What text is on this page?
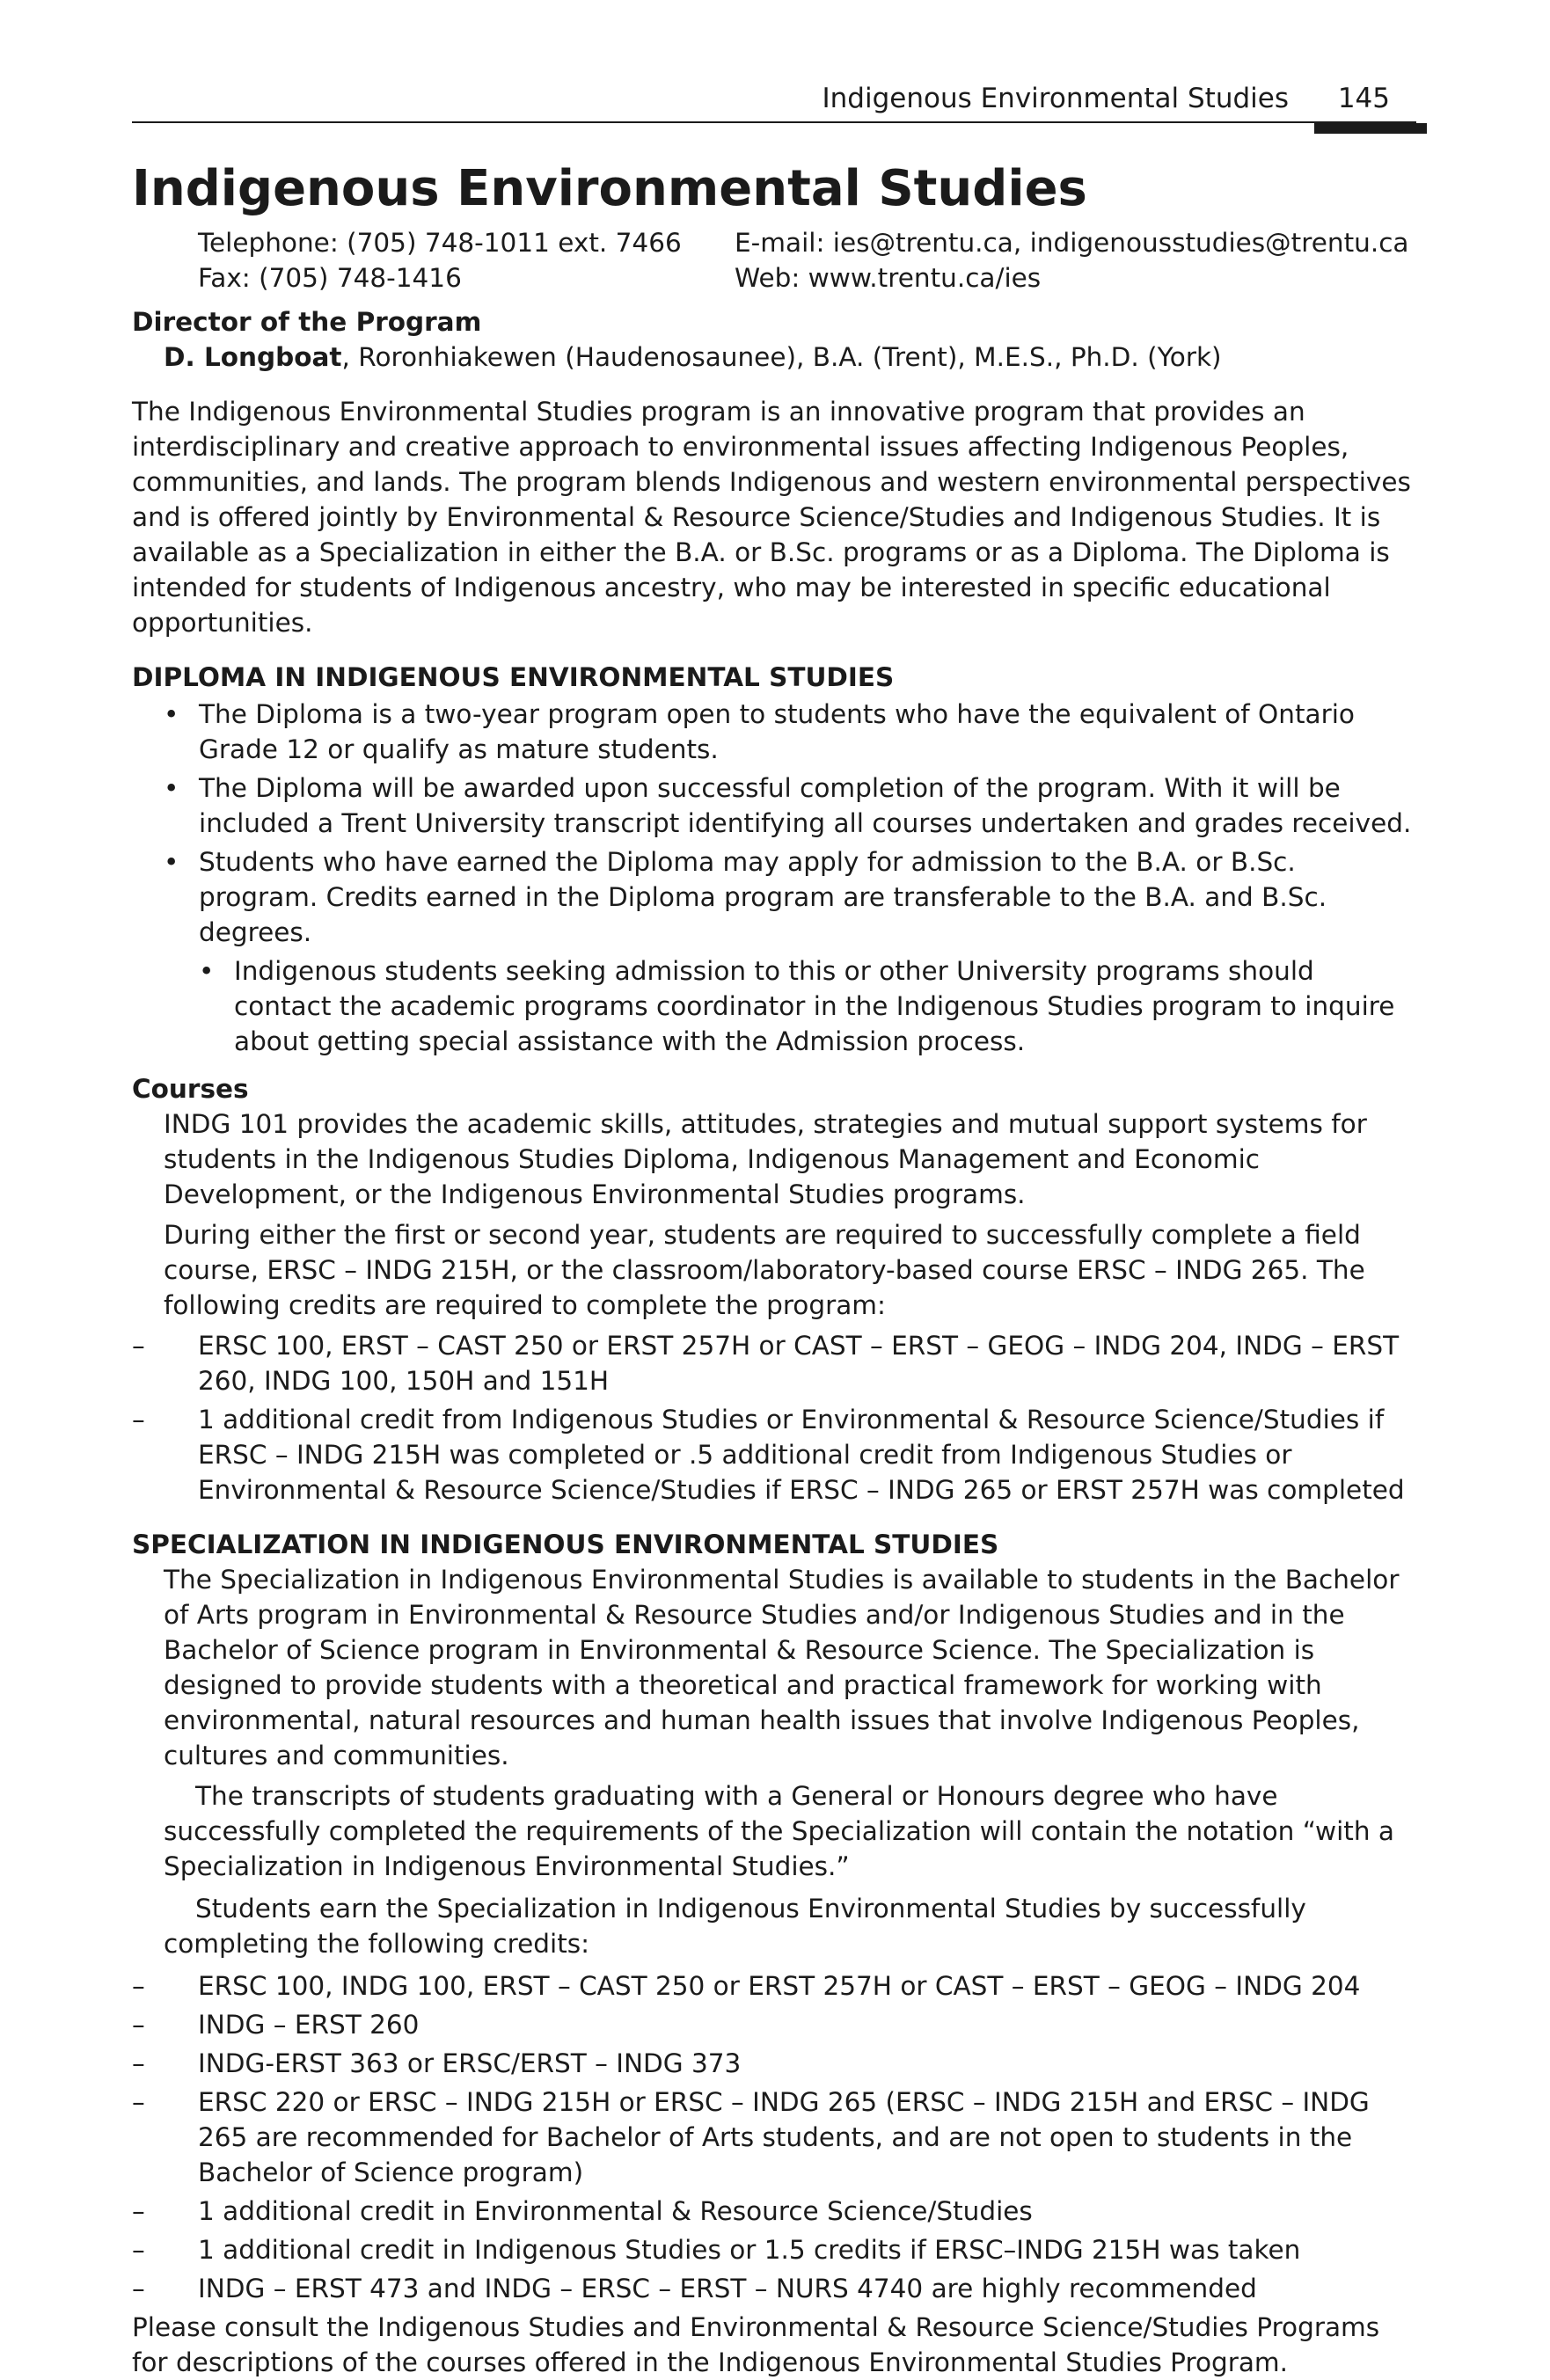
Indigenous Environmental Studies 145
Indigenous Environmental Studies
Telephone: (705) 748-1011 ext. 7466	E-mail: ies@trentu.ca, indigenousstudies@trentu.ca
Fax: (705) 748-1416	Web: www.trentu.ca/ies
Director of the Program
D. Longboat, Roronhiakewen (Haudenosaunee), B.A. (Trent), M.E.S., Ph.D. (York)

The Indigenous Environmental Studies program is an innovative program that provides an interdisciplinary and creative approach to environmental issues affecting Indigenous Peoples, communities, and lands. The program blends Indigenous and western environmental perspectives and is offered jointly by Environmental & Resource Science/Studies and Indigenous Studies. It is available as a Specialization in either the B.A. or B.Sc. programs or as a Diploma. The Diploma is intended for students of Indigenous ancestry, who may be interested in specific educational opportunities.

DIPLOMA IN INDIGENOUS ENVIRONMENTAL STUDIES
• The Diploma is a two-year program open to students who have the equivalent of Ontario Grade 12 or qualify as mature students.
• The Diploma will be awarded upon successful completion of the program. With it will be included a Trent University transcript identifying all courses undertaken and grades received.
• Students who have earned the Diploma may apply for admission to the B.A. or B.Sc. program. Credits earned in the Diploma program are transferable to the B.A. and B.Sc. degrees.
• Indigenous students seeking admission to this or other University programs should contact the academic programs coordinator in the Indigenous Studies program to inquire about getting special assistance with the Admission process.
Courses

INDG 101 provides the academic skills, attitudes, strategies and mutual support systems for students in the Indigenous Studies Diploma, Indigenous Management and Economic Development, or the Indigenous Environmental Studies programs.

During either the first or second year, students are required to successfully complete a field course, ERSC – INDG 215H, or the classroom/laboratory-based course ERSC – INDG 265. The following credits are required to complete the program:

– ERSC 100, ERST – CAST 250 or ERST 257H or CAST – ERST – GEOG – INDG 204, INDG – ERST 260, INDG 100, 150H and 151H
– 1 additional credit from Indigenous Studies or Environmental & Resource Science/Studies if ERSC – INDG 215H was completed or .5 additional credit from Indigenous Studies or Environmental & Resource Science/Studies if ERSC – INDG 265 or ERST 257H was completed
SPECIALIZATION IN INDIGENOUS ENVIRONMENTAL STUDIES

The Specialization in Indigenous Environmental Studies is available to students in the Bachelor of Arts program in Environmental & Resource Studies and/or Indigenous Studies and in the Bachelor of Science program in Environmental & Resource Science. The Specialization is designed to provide students with a theoretical and practical framework for working with environmental, natural resources and human health issues that involve Indigenous Peoples, cultures and communities.

The transcripts of students graduating with a General or Honours degree who have successfully completed the requirements of the Specialization will contain the notation “with a Specialization in Indigenous Environmental Studies.”

Students earn the Specialization in Indigenous Environmental Studies by successfully completing the following credits:

– ERSC 100, INDG 100, ERST – CAST 250 or ERST 257H or CAST – ERST – GEOG – INDG 204
– INDG – ERST 260
– INDG-ERST 363 or ERSC/ERST – INDG 373
– ERSC 220 or ERSC – INDG 215H or ERSC – INDG 265 (ERSC – INDG 215H and ERSC – INDG 265 are recommended for Bachelor of Arts students, and are not open to students in the Bachelor of Science program)
– 1 additional credit in Environmental & Resource Science/Studies
– 1 additional credit in Indigenous Studies or 1.5 credits if ERSC–INDG 215H was taken
– INDG – ERST 473 and INDG – ERSC – ERST – NURS 4740 are highly recommended

Please consult the Indigenous Studies and Environmental & Resource Science/Studies Programs for descriptions of the courses offered in the Indigenous Environmental Studies Program.
